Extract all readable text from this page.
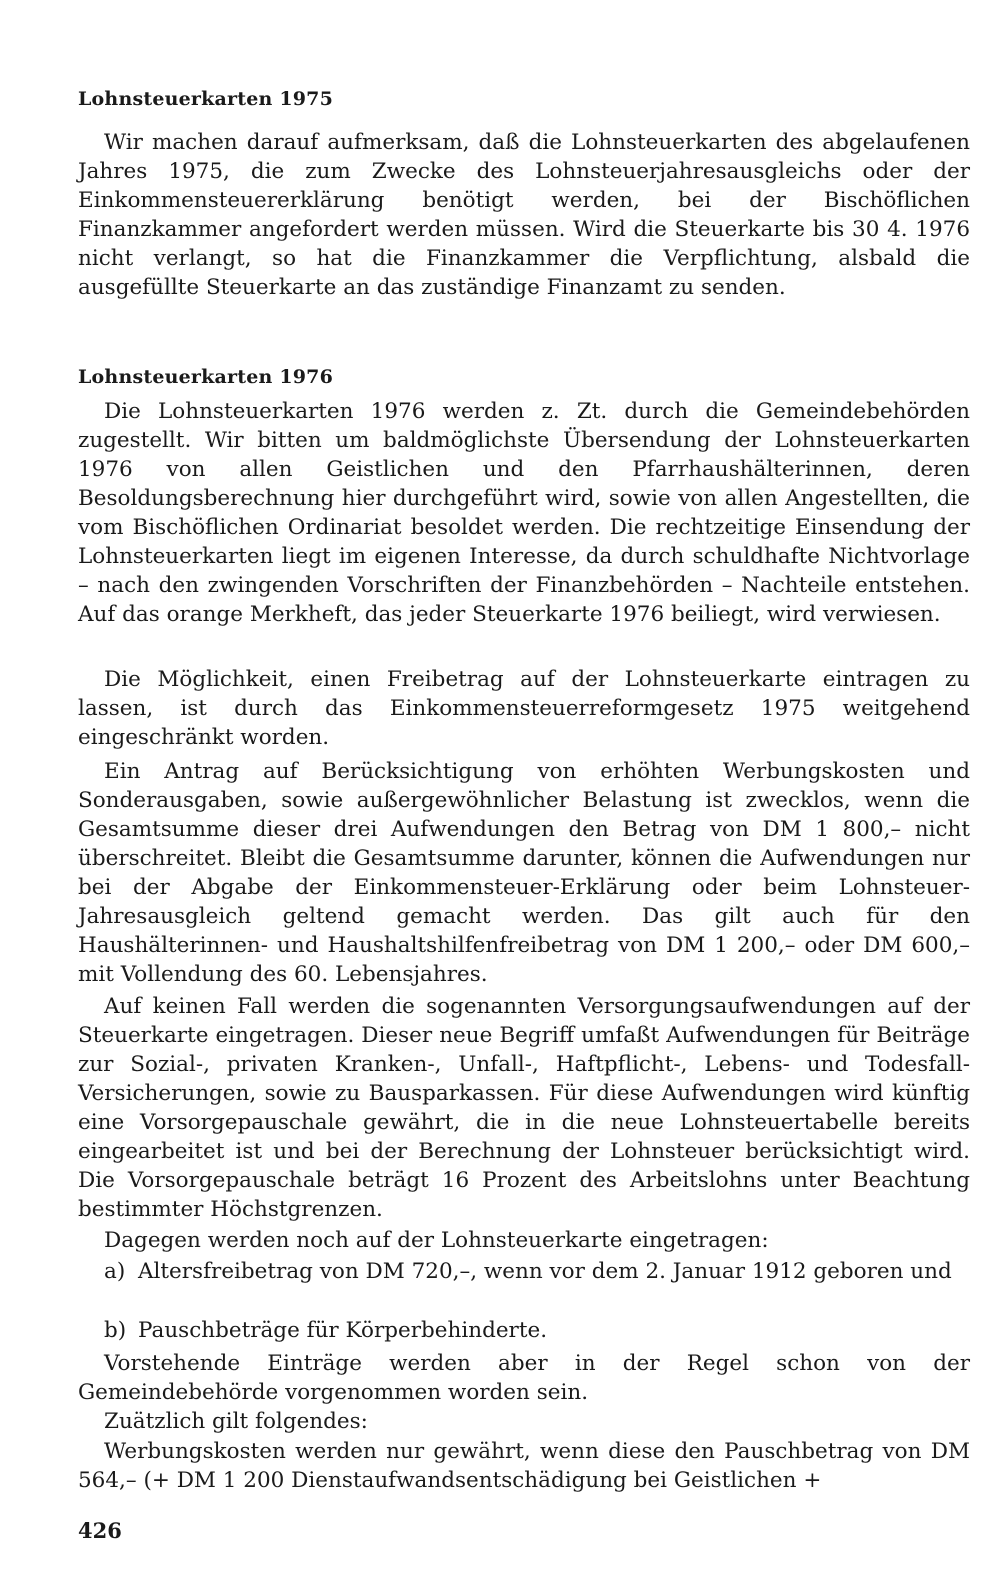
Lohnsteuerkarten 1975

Wir machen darauf aufmerksam, daß die Lohnsteuerkarten des abgelaufenen Jahres 1975, die zum Zwecke des Lohnsteuerjahresausgleichs oder der Einkommensteuererklärung benötigt werden, bei der Bischöflichen Finanzkammer angefordert werden müssen. Wird die Steuerkarte bis 30 4. 1976 nicht verlangt, so hat die Finanzkammer die Verpflichtung, alsbald die ausgefüllte Steuerkarte an das zuständige Finanzamt zu senden.

Lohnsteuerkarten 1976

Die Lohnsteuerkarten 1976 werden z. Zt. durch die Gemeindebehörden zugestellt. Wir bitten um baldmöglichste Übersendung der Lohnsteuerkarten 1976 von allen Geistlichen und den Pfarrhaushälterinnen, deren Besoldungsberechnung hier durchgeführt wird, sowie von allen Angestellten, die vom Bischöflichen Ordinariat besoldet werden. Die rechtzeitige Einsendung der Lohnsteuerkarten liegt im eigenen Interesse, da durch schuldhafte Nichtvorlage – nach den zwingenden Vorschriften der Finanzbehörden – Nachteile entstehen. Auf das orange Merkheft, das jeder Steuerkarte 1976 beiliegt, wird verwiesen.

Die Möglichkeit, einen Freibetrag auf der Lohnsteuerkarte eintragen zu lassen, ist durch das Einkommensteuerreformgesetz 1975 weitgehend eingeschränkt worden.

Ein Antrag auf Berücksichtigung von erhöhten Werbungskosten und Sonderausgaben, sowie außergewöhnlicher Belastung ist zwecklos, wenn die Gesamtsumme dieser drei Aufwendungen den Betrag von DM 1 800,– nicht überschreitet. Bleibt die Gesamtsumme darunter, können die Aufwendungen nur bei der Abgabe der Einkommensteuer-Erklärung oder beim Lohnsteuer-Jahresausgleich geltend gemacht werden. Das gilt auch für den Haushälterinnen- und Haushaltshilfenfreibetrag von DM 1 200,– oder DM 600,– mit Vollendung des 60. Lebensjahres.

Auf keinen Fall werden die sogenannten Versorgungsaufwendungen auf der Steuerkarte eingetragen. Dieser neue Begriff umfaßt Aufwendungen für Beiträge zur Sozial-, privaten Kranken-, Unfall-, Haftpflicht-, Lebens- und Todesfall-Versicherungen, sowie zu Bausparkassen. Für diese Aufwendungen wird künftig eine Vorsorgepauschale gewährt, die in die neue Lohnsteuertabelle bereits eingearbeitet ist und bei der Berechnung der Lohnsteuer berücksichtigt wird. Die Vorsorgepauschale beträgt 16 Prozent des Arbeitslohns unter Beachtung bestimmter Höchstgrenzen.

Dagegen werden noch auf der Lohnsteuerkarte eingetragen:

a) Altersfreibetrag von DM 720,–, wenn vor dem 2. Januar 1912 geboren und
b) Pauschbeträge für Körperbehinderte.

Vorstehende Einträge werden aber in der Regel schon von der Gemeindebehörde vorgenommen worden sein.

Zuätzlich gilt folgendes:

Werbungskosten werden nur gewährt, wenn diese den Pauschbetrag von DM 564,– (+ DM 1 200 Dienstaufwandsentschädigung bei Geistlichen +

426
